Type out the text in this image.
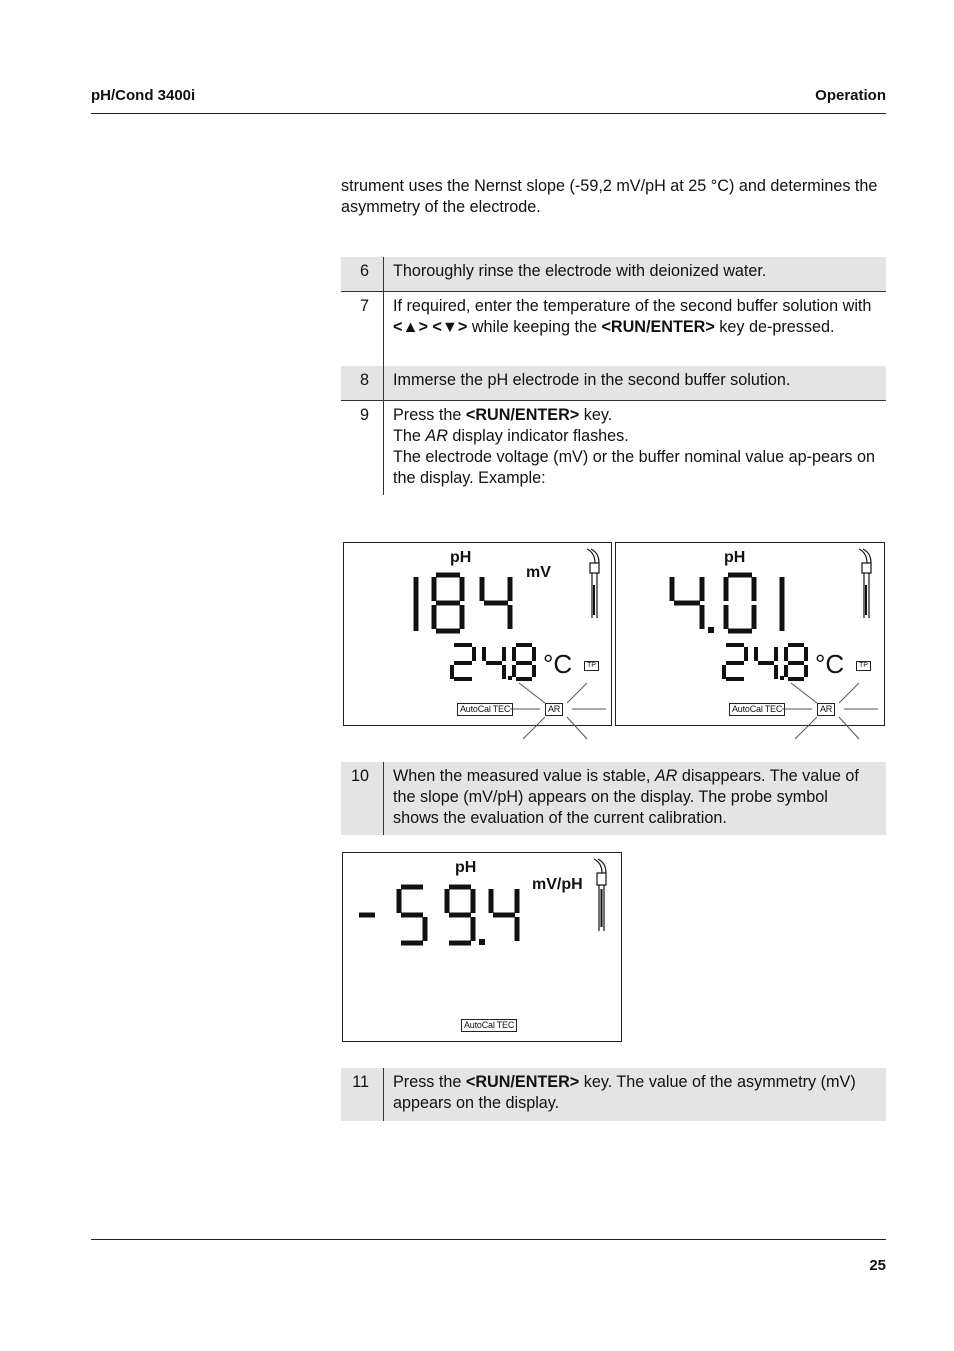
pH/Cond 3400i	Operation
strument uses the Nernst slope (-59,2 mV/pH at 25 °C) and determines the asymmetry of the electrode.
6	Thoroughly rinse the electrode with deionized water.
7	If required, enter the temperature of the second buffer solution with <▲> <▼> while keeping the <RUN/ENTER> key de-pressed.
8	Immerse the pH electrode in the second buffer solution.
9	Press the <RUN/ENTER> key.
The AR display indicator flashes.
The electrode voltage (mV) or the buffer nominal value ap-pears on the display. Example:
pH
mV
°C	TP
AutoCal TEC	AR
pH
°C	TP
AutoCal TEC	AR
10	When the measured value is stable, AR disappears. The value of the slope (mV/pH) appears on the display. The probe symbol shows the evaluation of the current calibration.
pH
mV/pH
AutoCal TEC
11	Press the <RUN/ENTER> key. The value of the asymmetry (mV) appears on the display.
25
